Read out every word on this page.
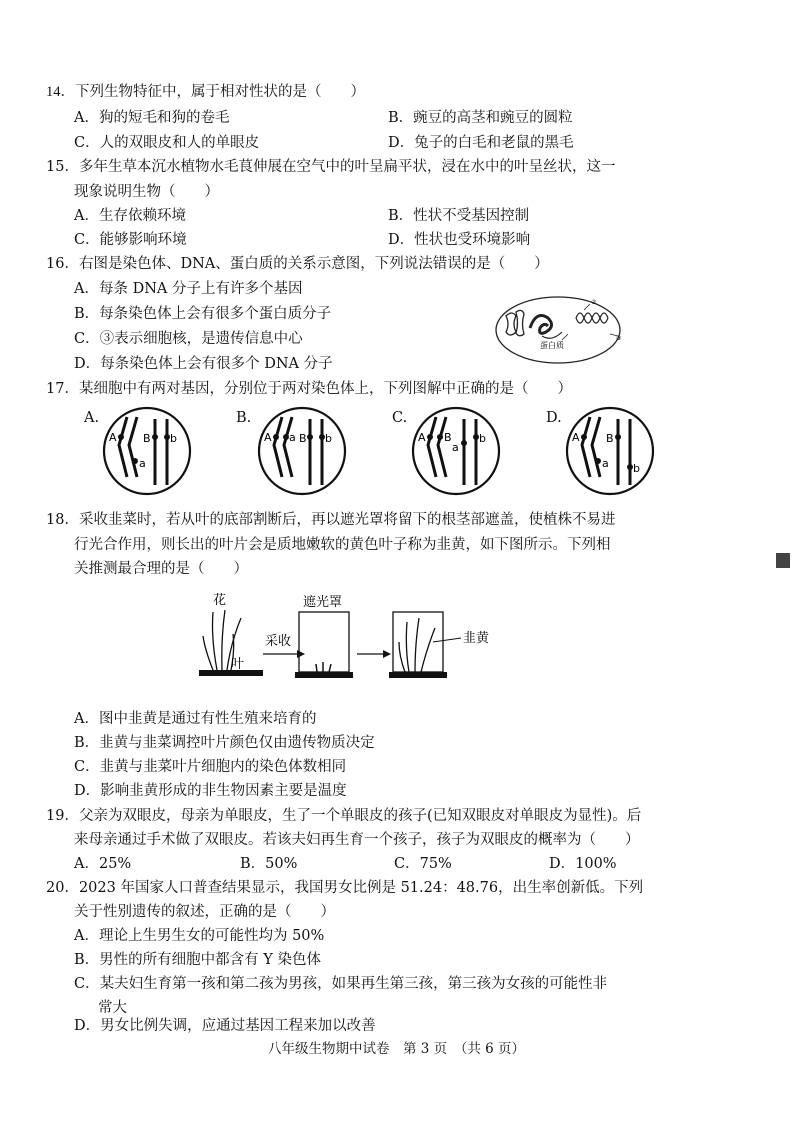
14．下列生物特征中，属于相对性状的是（　　）
A．狗的短毛和狗的卷毛	B．豌豆的高茎和豌豆的圆粒
C．人的双眼皮和人的单眼皮	D．兔子的白毛和老鼠的黑毛
15．多年生草本沉水植物水毛茛伸展在空气中的叶呈扁平状，浸在水中的叶呈丝状，这一
现象说明生物（　　）
A．生存依赖环境	B．性状不受基因控制
C．能够影响环境	D．性状也受环境影响
16．右图是染色体、DNA、蛋白质的关系示意图，下列说法错误的是（　　）
A．每条 DNA 分子上有许多个基因
B．每条染色体上会有很多个蛋白质分子
C．③表示细胞核，是遗传信息中心
D．每条染色体上会有很多个 DNA 分子
②
蛋白质
③
17．某细胞中有两对基因，分别位于两对染色体上，下列图解中正确的是（　　）
A.	B.	C.	D.
A
a
B b	A a B b	A B
a
b	A
a
B
b
18．采收韭菜时，若从叶的底部割断后，再以遮光罩将留下的根茎部遮盖，使植株不易进
行光合作用，则长出的叶片会是质地嫩软的黄色叶子称为韭黄，如下图所示。下列相
关推测最合理的是（　　）
花
叶
采收
遮光罩
韭黄
A．图中韭黄是通过有性生殖来培育的
B．韭黄与韭菜调控叶片颜色仅由遗传物质决定
C．韭黄与韭菜叶片细胞内的染色体数相同
D．影响韭黄形成的非生物因素主要是温度
19．父亲为双眼皮，母亲为单眼皮，生了一个单眼皮的孩子(已知双眼皮对单眼皮为显性)。后
来母亲通过手术做了双眼皮。若该夫妇再生育一个孩子，孩子为双眼皮的概率为（　　）
A．25%	B．50%	C．75%	D．100%
20．2023 年国家人口普查结果显示，我国男女比例是 51.24：48.76，出生率创新低。下列
关于性别遗传的叙述，正确的是（　　）
A．理论上生男生女的可能性均为 50%
B．男性的所有细胞中都含有 Y 染色体
C．某夫妇生育第一孩和第二孩为男孩，如果再生第三孩，第三孩为女孩的可能性非
常大
D．男女比例失调，应通过基因工程来加以改善
八年级生物期中试卷　第 3 页　（共 6 页）
